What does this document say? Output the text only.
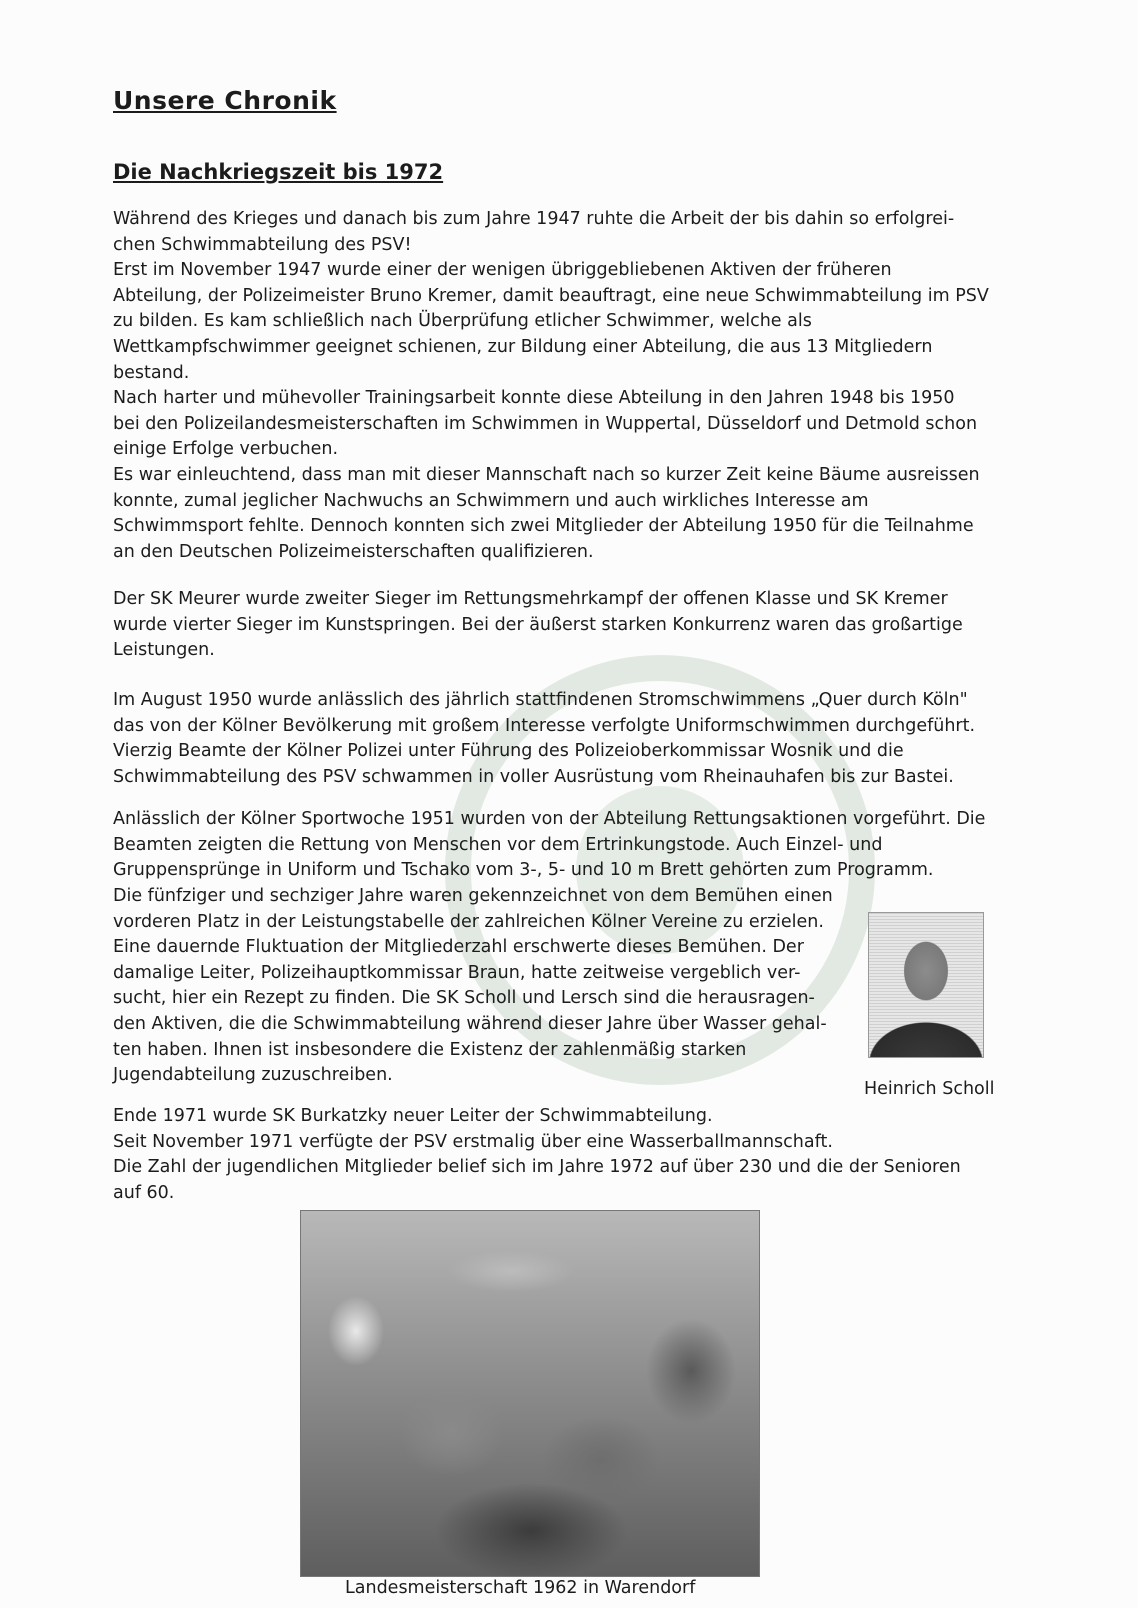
Unsere Chronik
Die Nachkriegszeit bis 1972

Während des Krieges und danach bis zum Jahre 1947 ruhte die Arbeit der bis dahin so erfolgrei-
chen Schwimmabteilung des PSV!
Erst im November 1947 wurde einer der wenigen übriggebliebenen Aktiven der früheren
Abteilung, der Polizeimeister Bruno Kremer, damit beauftragt, eine neue Schwimmabteilung im PSV
zu bilden. Es kam schließlich nach Überprüfung etlicher Schwimmer, welche als
Wettkampfschwimmer geeignet schienen, zur Bildung einer Abteilung, die aus 13 Mitgliedern
bestand.
Nach harter und mühevoller Trainingsarbeit konnte diese Abteilung in den Jahren 1948 bis 1950
bei den Polizeilandesmeisterschaften im Schwimmen in Wuppertal, Düsseldorf und Detmold schon
einige Erfolge verbuchen.
Es war einleuchtend, dass man mit dieser Mannschaft nach so kurzer Zeit keine Bäume ausreissen
konnte, zumal jeglicher Nachwuchs an Schwimmern und auch wirkliches Interesse am
Schwimmsport fehlte. Dennoch konnten sich zwei Mitglieder der Abteilung 1950 für die Teilnahme
an den Deutschen Polizeimeisterschaften qualifizieren.

Der SK Meurer wurde zweiter Sieger im Rettungsmehrkampf der offenen Klasse und SK Kremer
wurde vierter Sieger im Kunstspringen. Bei der äußerst starken Konkurrenz waren das großartige
Leistungen.

Im August 1950 wurde anlässlich des jährlich stattfindenen Stromschwimmens „Quer durch Köln"
das von der Kölner Bevölkerung mit großem Interesse verfolgte Uniformschwimmen durchgeführt.
Vierzig Beamte der Kölner Polizei unter Führung des Polizeioberkommissar Wosnik und die
Schwimmabteilung des PSV schwammen in voller Ausrüstung vom Rheinauhafen bis zur Bastei.

Anlässlich der Kölner Sportwoche 1951 wurden von der Abteilung Rettungsaktionen vorgeführt. Die
Beamten zeigten die Rettung von Menschen vor dem Ertrinkungstode. Auch Einzel- und
Gruppensprünge in Uniform und Tschako vom 3-, 5- und 10 m Brett gehörten zum Programm.

Die fünfziger und sechziger Jahre waren gekennzeichnet von dem Bemühen einen
vorderen Platz in der Leistungstabelle der zahlreichen Kölner Vereine zu erzielen.
Eine dauernde Fluktuation der Mitgliederzahl erschwerte dieses Bemühen. Der
damalige Leiter, Polizeihauptkommissar Braun, hatte zeitweise vergeblich ver-
sucht, hier ein Rezept zu finden. Die SK Scholl und Lersch sind die herausragen-
den Aktiven, die die Schwimmabteilung während dieser Jahre über Wasser gehal-
ten haben. Ihnen ist insbesondere die Existenz der zahlenmäßig starken
Jugendabteilung zuzuschreiben.

Heinrich Scholl

Ende 1971 wurde SK Burkatzky neuer Leiter der Schwimmabteilung.
Seit November 1971 verfügte der PSV erstmalig über eine Wasserballmannschaft.
Die Zahl der jugendlichen Mitglieder belief sich im Jahre 1972 auf über 230 und die der Senioren
auf 60.

Landesmeisterschaft 1962 in Warendorf
